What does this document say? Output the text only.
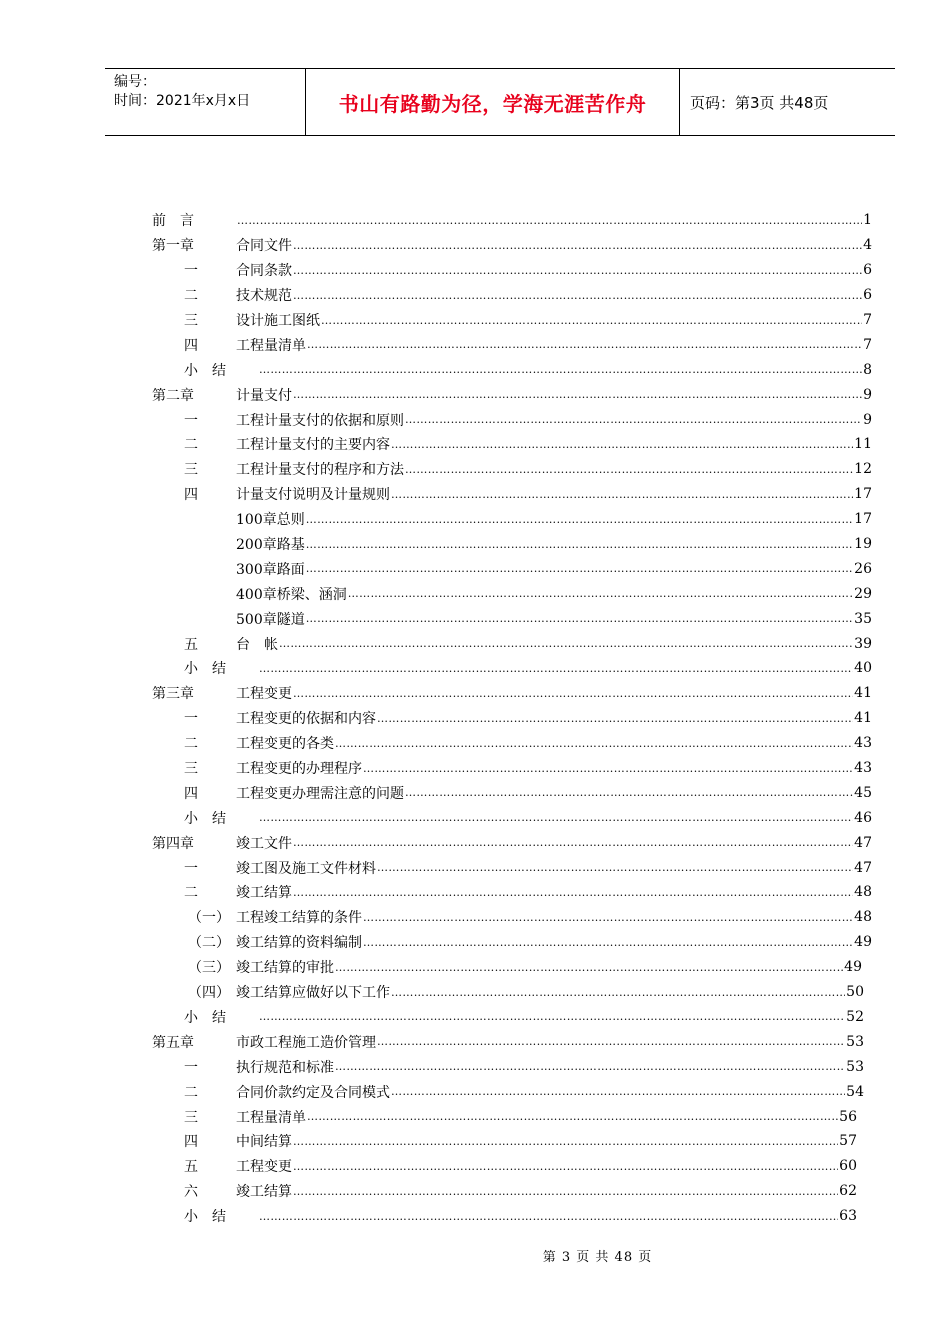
编号：
时间：2021年x月x日	书山有路勤为径，学海无涯苦作舟	页码：第3页 共48页
前　言 ……………………………………………………………………………………………………………………………………………………………………………………………………………………………………………………	1
第一章	合同文件 ……………………………………………………………………………………………………………………………………………………………………………………………………………………………………………………	4
一	合同条款 ……………………………………………………………………………………………………………………………………………………………………………………………………………………………………………………	6
二	技术规范 ……………………………………………………………………………………………………………………………………………………………………………………………………………………………………………………	6
三	设计施工图纸 ……………………………………………………………………………………………………………………………………………………………………………………………………………………………………………………	7
四	工程量清单 ……………………………………………………………………………………………………………………………………………………………………………………………………………………………………………………	7
小　结 ……………………………………………………………………………………………………………………………………………………………………………………………………………………………………………………	8
第二章	计量支付 ……………………………………………………………………………………………………………………………………………………………………………………………………………………………………………………	9
一	工程计量支付的依据和原则 ……………………………………………………………………………………………………………………………………………………………………………………………………………………………………………………	9
二	工程计量支付的主要内容 ……………………………………………………………………………………………………………………………………………………………………………………………………………………………………………………	11
三	工程计量支付的程序和方法 ……………………………………………………………………………………………………………………………………………………………………………………………………………………………………………………	12
四	计量支付说明及计量规则 ……………………………………………………………………………………………………………………………………………………………………………………………………………………………………………………	17
100章总则 ……………………………………………………………………………………………………………………………………………………………………………………………………………………………………………………	17
200章路基 ……………………………………………………………………………………………………………………………………………………………………………………………………………………………………………………	19
300章路面 ……………………………………………………………………………………………………………………………………………………………………………………………………………………………………………………	26
400章桥梁、涵洞 ……………………………………………………………………………………………………………………………………………………………………………………………………………………………………………………	29
500章隧道 ……………………………………………………………………………………………………………………………………………………………………………………………………………………………………………………	35
五	台　帐 ……………………………………………………………………………………………………………………………………………………………………………………………………………………………………………………	39
小　结 ……………………………………………………………………………………………………………………………………………………………………………………………………………………………………………………	40
第三章	工程变更 ……………………………………………………………………………………………………………………………………………………………………………………………………………………………………………………	41
一	工程变更的依据和内容 ……………………………………………………………………………………………………………………………………………………………………………………………………………………………………………………	41
二	工程变更的各类 ……………………………………………………………………………………………………………………………………………………………………………………………………………………………………………………	43
三	工程变更的办理程序 ……………………………………………………………………………………………………………………………………………………………………………………………………………………………………………………	43
四	工程变更办理需注意的问题 ……………………………………………………………………………………………………………………………………………………………………………………………………………………………………………………	45
小　结 ……………………………………………………………………………………………………………………………………………………………………………………………………………………………………………………	46
第四章	竣工文件 ……………………………………………………………………………………………………………………………………………………………………………………………………………………………………………………	47
一	竣工图及施工文件材料 ……………………………………………………………………………………………………………………………………………………………………………………………………………………………………………………	47
二	竣工结算 ……………………………………………………………………………………………………………………………………………………………………………………………………………………………………………………	48
（一） 工程竣工结算的条件 ……………………………………………………………………………………………………………………………………………………………………………………………………………………………………………………	48
（二） 竣工结算的资料编制 ……………………………………………………………………………………………………………………………………………………………………………………………………………………………………………………	49
（三） 竣工结算的审批 ……………………………………………………………………………………………………………………………………………………………………………………………………………………………………………………	49
（四） 竣工结算应做好以下工作 ……………………………………………………………………………………………………………………………………………………………………………………………………………………………………………………	50
小　结 ……………………………………………………………………………………………………………………………………………………………………………………………………………………………………………………	52
第五章	市政工程施工造价管理 ……………………………………………………………………………………………………………………………………………………………………………………………………………………………………………………	53
一	执行规范和标准 ……………………………………………………………………………………………………………………………………………………………………………………………………………………………………………………	53
二	合同价款约定及合同模式 ……………………………………………………………………………………………………………………………………………………………………………………………………………………………………………………	54
三	工程量清单 ……………………………………………………………………………………………………………………………………………………………………………………………………………………………………………………	56
四	中间结算 ……………………………………………………………………………………………………………………………………………………………………………………………………………………………………………………	57
五	工程变更 ……………………………………………………………………………………………………………………………………………………………………………………………………………………………………………………	60
六	竣工结算 ……………………………………………………………………………………………………………………………………………………………………………………………………………………………………………………	62
小　结 ……………………………………………………………………………………………………………………………………………………………………………………………………………………………………………………	63
第 3 页 共 48 页
